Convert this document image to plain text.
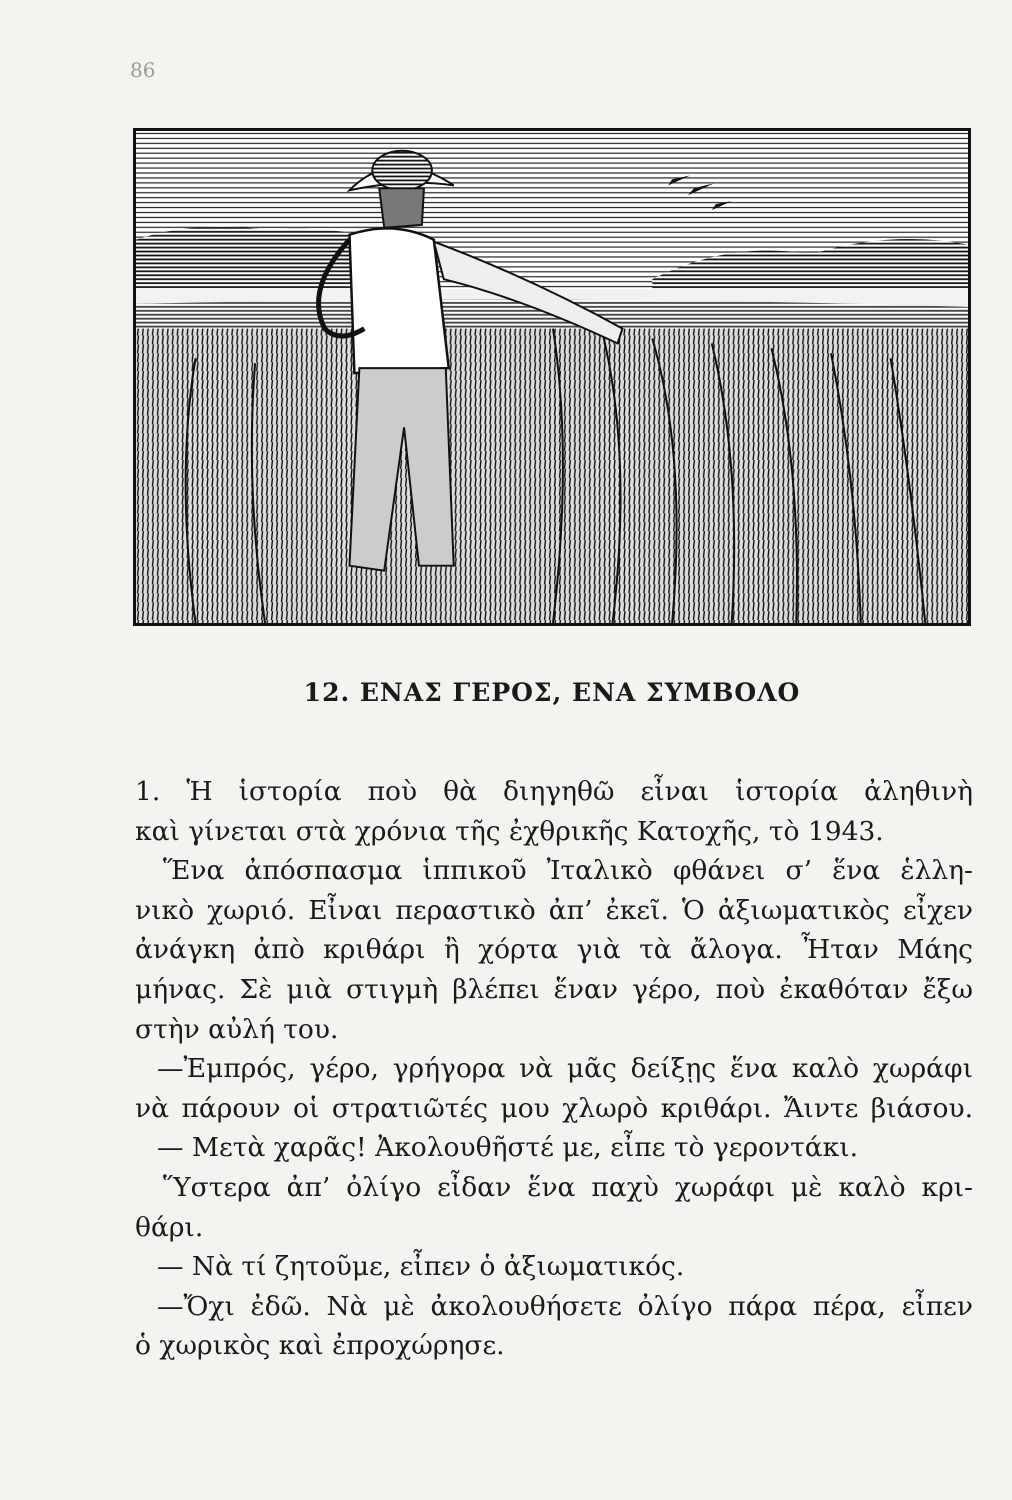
86
12. ΕΝΑΣ ΓΕΡΟΣ, ΕΝΑ ΣΥΜΒΟΛΟ
1. Ἡ ἱστορία ποὺ θὰ διηγηθῶ εἶναι ἱστορία ἀληθινὴ
καὶ γίνεται στὰ χρόνια τῆς ἐχθρικῆς Κατοχῆς, τὸ 1943.
Ἕνα ἀπόσπασμα ἱππικοῦ Ἰταλικὸ φθάνει σ’ ἕνα ἑλλη-
νικὸ χωριό. Εἶναι περαστικὸ ἀπ’ ἐκεῖ. Ὁ ἀξιωματικὸς εἶχεν
ἀνάγκη ἀπὸ κριθάρι ἢ χόρτα γιὰ τὰ ἄλογα. Ἦταν Μάης
μήνας. Σὲ μιὰ στιγμὴ βλέπει ἕναν γέρο, ποὺ ἐκαθόταν ἔξω
στὴν αὐλή του.
—Ἐμπρός, γέρο, γρήγορα νὰ μᾶς δείξῃς ἕνα καλὸ χωράφι
νὰ πάρουν οἱ στρατιῶτές μου χλωρὸ κριθάρι. Ἄιντε βιάσου.
— Μετὰ χαρᾶς! Ἀκολουθῆστέ με, εἶπε τὸ γεροντάκι.
Ὕστερα ἀπ’ ὀλίγο εἶδαν ἕνα παχὺ χωράφι μὲ καλὸ κρι-
θάρι.
— Νὰ τί ζητοῦμε, εἶπεν ὁ ἀξιωματικός.
—Ὄχι ἐδῶ. Νὰ μὲ ἀκολουθήσετε ὀλίγο πάρα πέρα, εἶπεν
ὁ χωρικὸς καὶ ἐπροχώρησε.
